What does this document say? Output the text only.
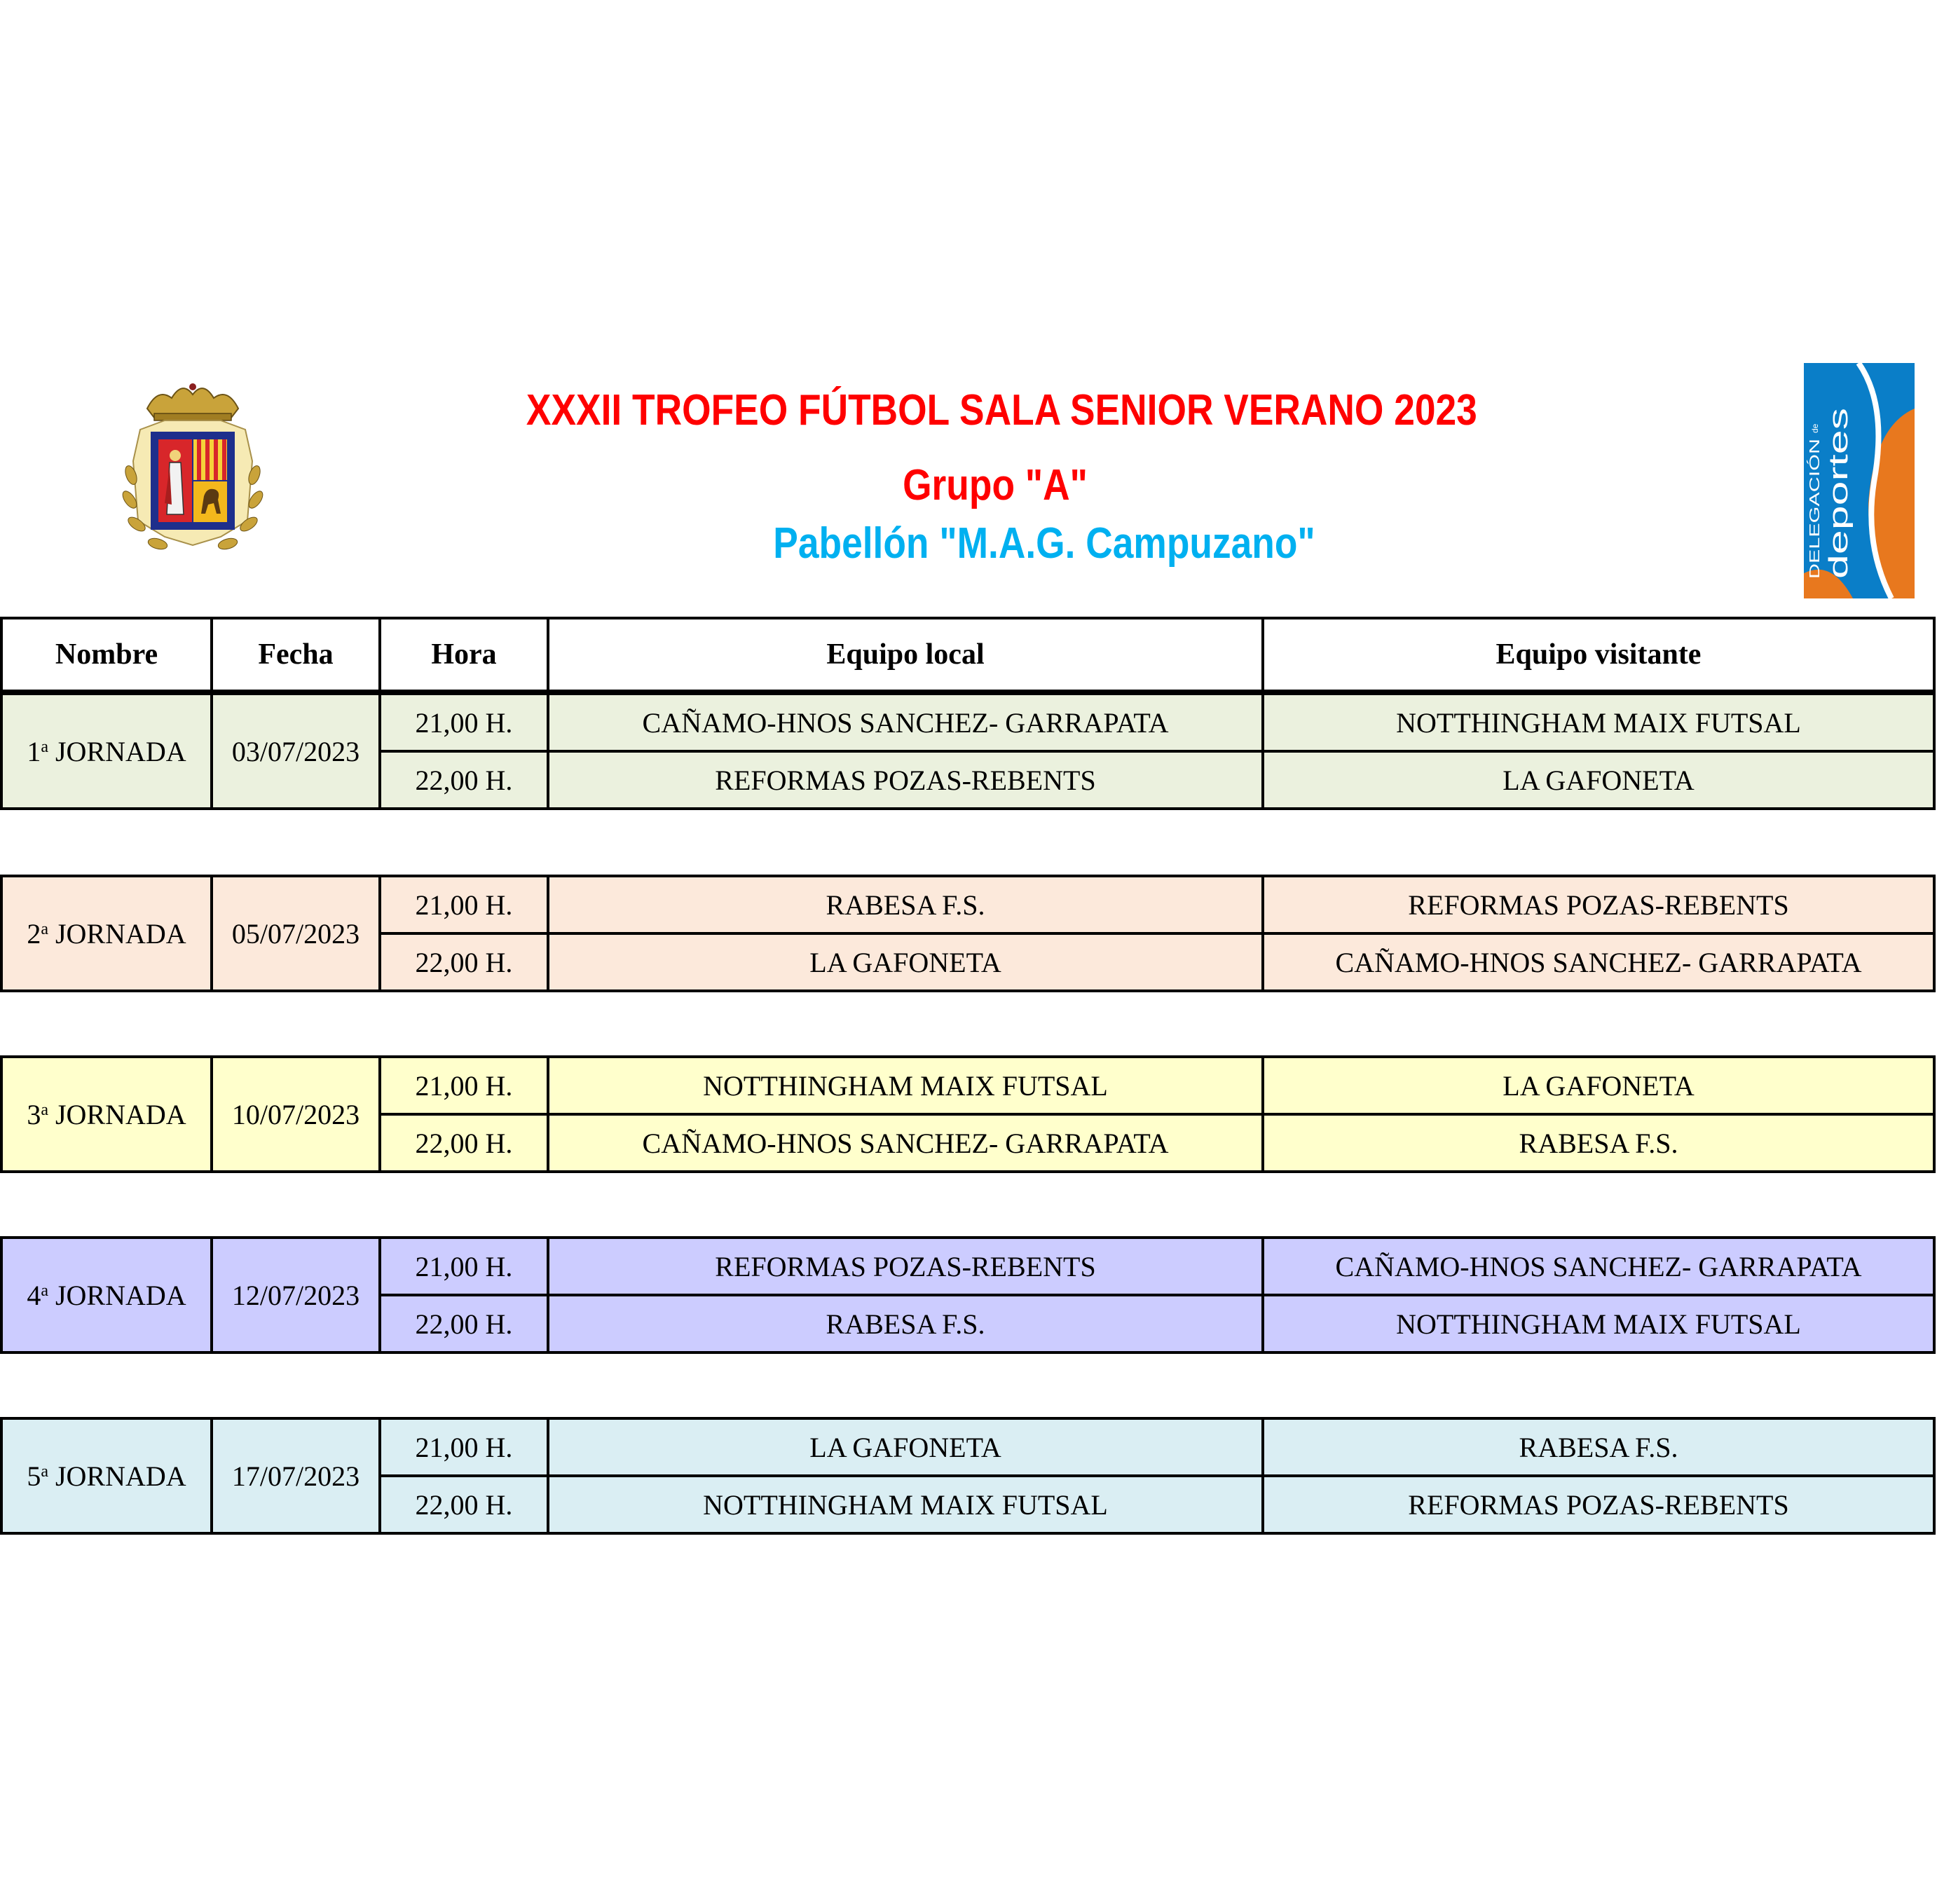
DELEGACIÓN
de
deportes
XXXII TROFEO FÚTBOL SALA SENIOR VERANO 2023
Grupo "A"
Pabellón "M.A.G. Campuzano"
Nombre	Fecha	Hora	Equipo local	Equipo visitante
1$^a$ JORNADA	03/07/2023	21,00 H.	CAÑAMO-HNOS SANCHEZ- GARRAPATA	NOTTHINGHAM MAIX FUTSAL
		22,00 H.	REFORMAS POZAS-REBENTS	LA GAFONETA
2$^a$ JORNADA	05/07/2023	21,00 H.	RABESA F.S.	REFORMAS POZAS-REBENTS
		22,00 H.	LA GAFONETA	CAÑAMO-HNOS SANCHEZ- GARRAPATA
3$^a$ JORNADA	10/07/2023	21,00 H.	NOTTHINGHAM MAIX FUTSAL	LA GAFONETA
		22,00 H.	CAÑAMO-HNOS SANCHEZ- GARRAPATA	RABESA F.S.
4$^a$ JORNADA	12/07/2023	21,00 H.	REFORMAS POZAS-REBENTS	CAÑAMO-HNOS SANCHEZ- GARRAPATA
		22,00 H.	RABESA F.S.	NOTTHINGHAM MAIX FUTSAL
5$^a$ JORNADA	17/07/2023	21,00 H.	LA GAFONETA	RABESA F.S.
		22,00 H.	NOTTHINGHAM MAIX FUTSAL	REFORMAS POZAS-REBENTS
